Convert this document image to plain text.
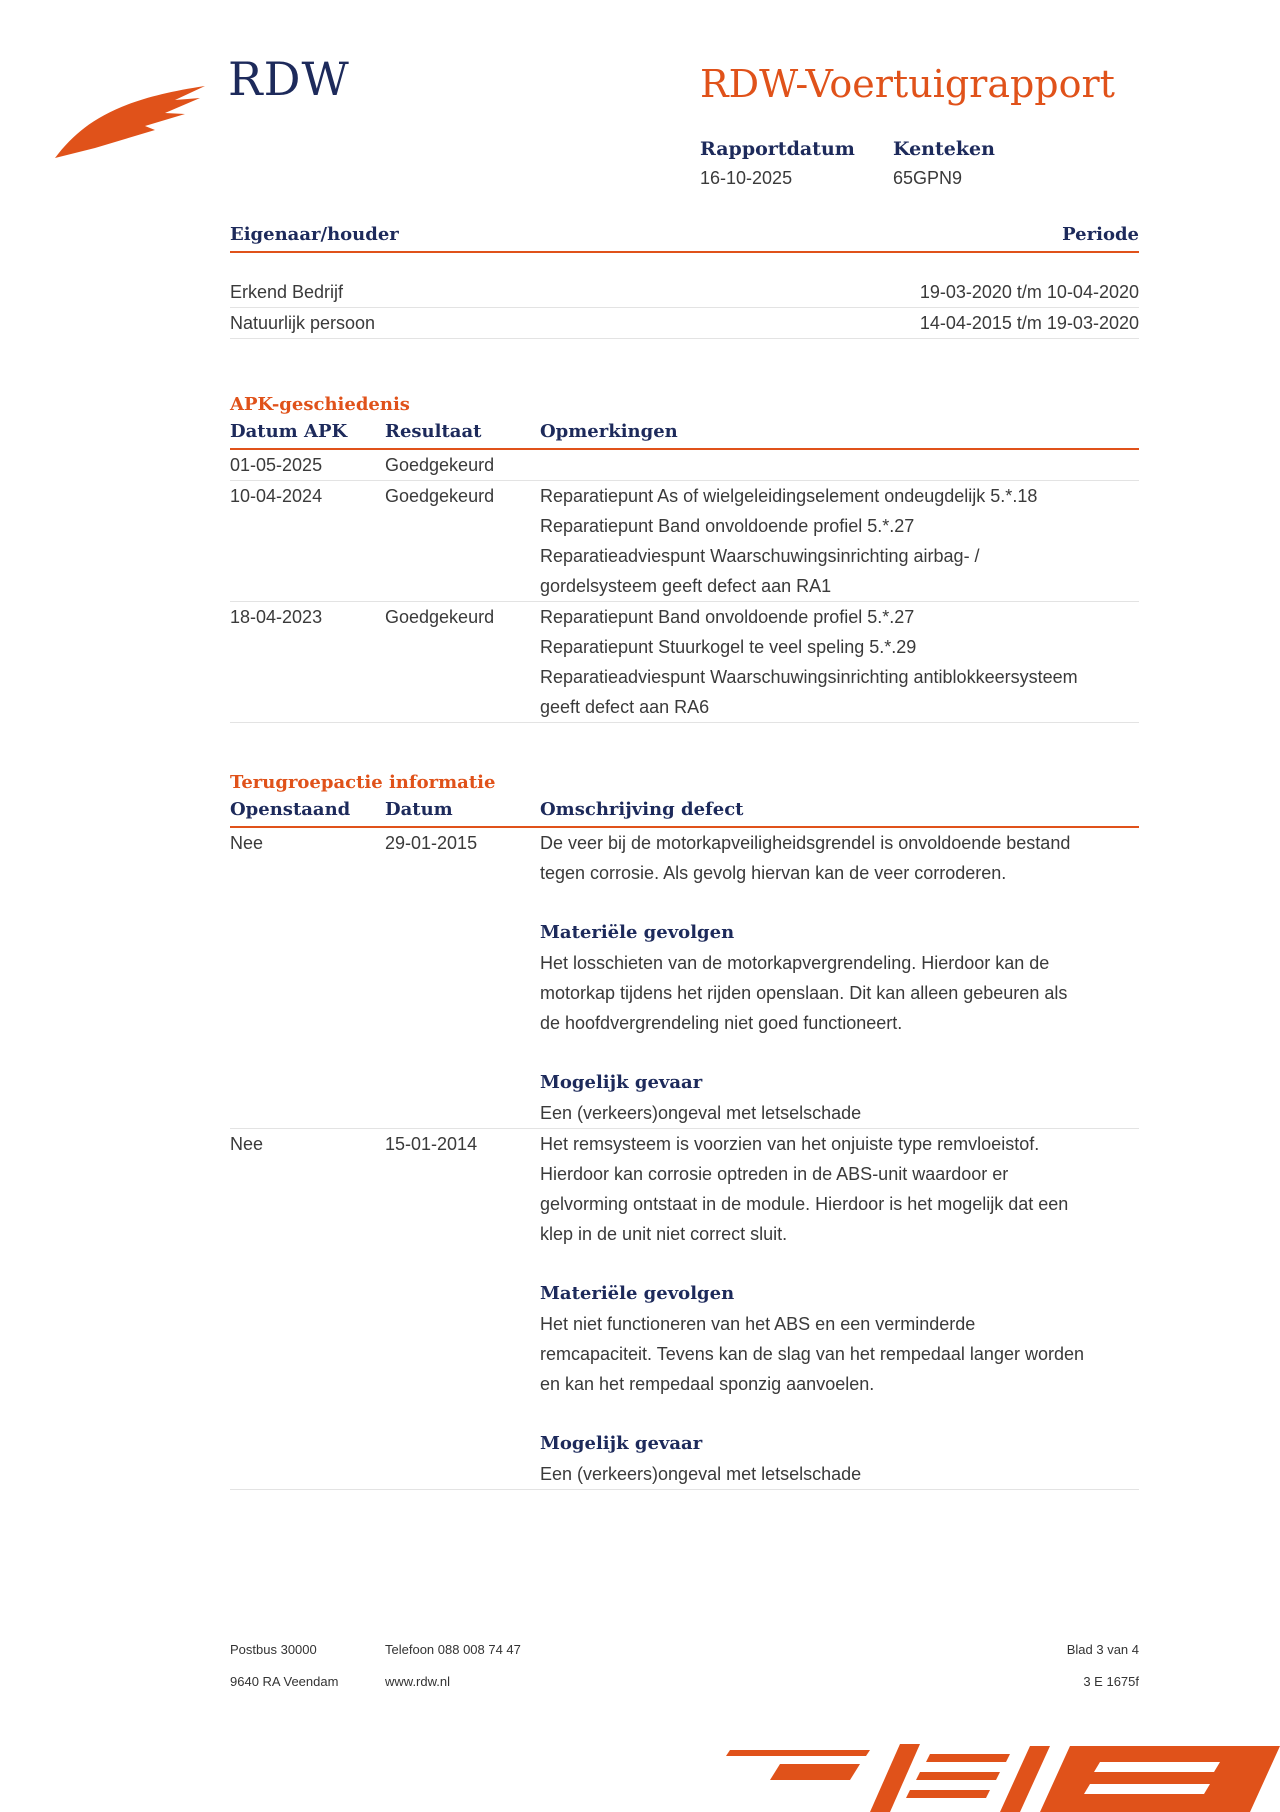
RDW	RDW-Voertuigrapport
Rapportdatum
16-10-2025
Kenteken
65GPN9
Eigenaar/houder	Periode
Erkend Bedrijf	19-03-2020 t/m 10-04-2020
Natuurlijk persoon	14-04-2015 t/m 19-03-2020
APK-geschiedenis
Datum APK	Resultaat	Opmerkingen
01-05-2025	Goedgekeurd
10-04-2024	Goedgekeurd	Reparatiepunt As of wielgeleidingselement ondeugdelijk 5.*.18
Reparatiepunt Band onvoldoende profiel 5.*.27
Reparatieadviespunt Waarschuwingsinrichting airbag- /
gordelsysteem geeft defect aan RA1
18-04-2023	Goedgekeurd	Reparatiepunt Band onvoldoende profiel 5.*.27
Reparatiepunt Stuurkogel te veel speling 5.*.29
Reparatieadviespunt Waarschuwingsinrichting antiblokkeersysteem
geeft defect aan RA6
Terugroepactie informatie
Openstaand	Datum	Omschrijving defect
Nee	29-01-2015	De veer bij de motorkapveiligheidsgrendel is onvoldoende bestand
tegen corrosie. Als gevolg hiervan kan de veer corroderen.
Materiële gevolgen
Het losschieten van de motorkapvergrendeling. Hierdoor kan de
motorkap tijdens het rijden openslaan. Dit kan alleen gebeuren als
de hoofdvergrendeling niet goed functioneert.
Mogelijk gevaar
Een (verkeers)ongeval met letselschade
Nee	15-01-2014	Het remsysteem is voorzien van het onjuiste type remvloeistof.
Hierdoor kan corrosie optreden in de ABS-unit waardoor er
gelvorming ontstaat in de module. Hierdoor is het mogelijk dat een
klep in de unit niet correct sluit.
Materiële gevolgen
Het niet functioneren van het ABS en een verminderde
remcapaciteit. Tevens kan de slag van het rempedaal langer worden
en kan het rempedaal sponzig aanvoelen.
Mogelijk gevaar
Een (verkeers)ongeval met letselschade
Postbus 30000
9640 RA Veendam
Telefoon 088 008 74 47
www.rdw.nl
Blad 3 van 4
3 E 1675f
